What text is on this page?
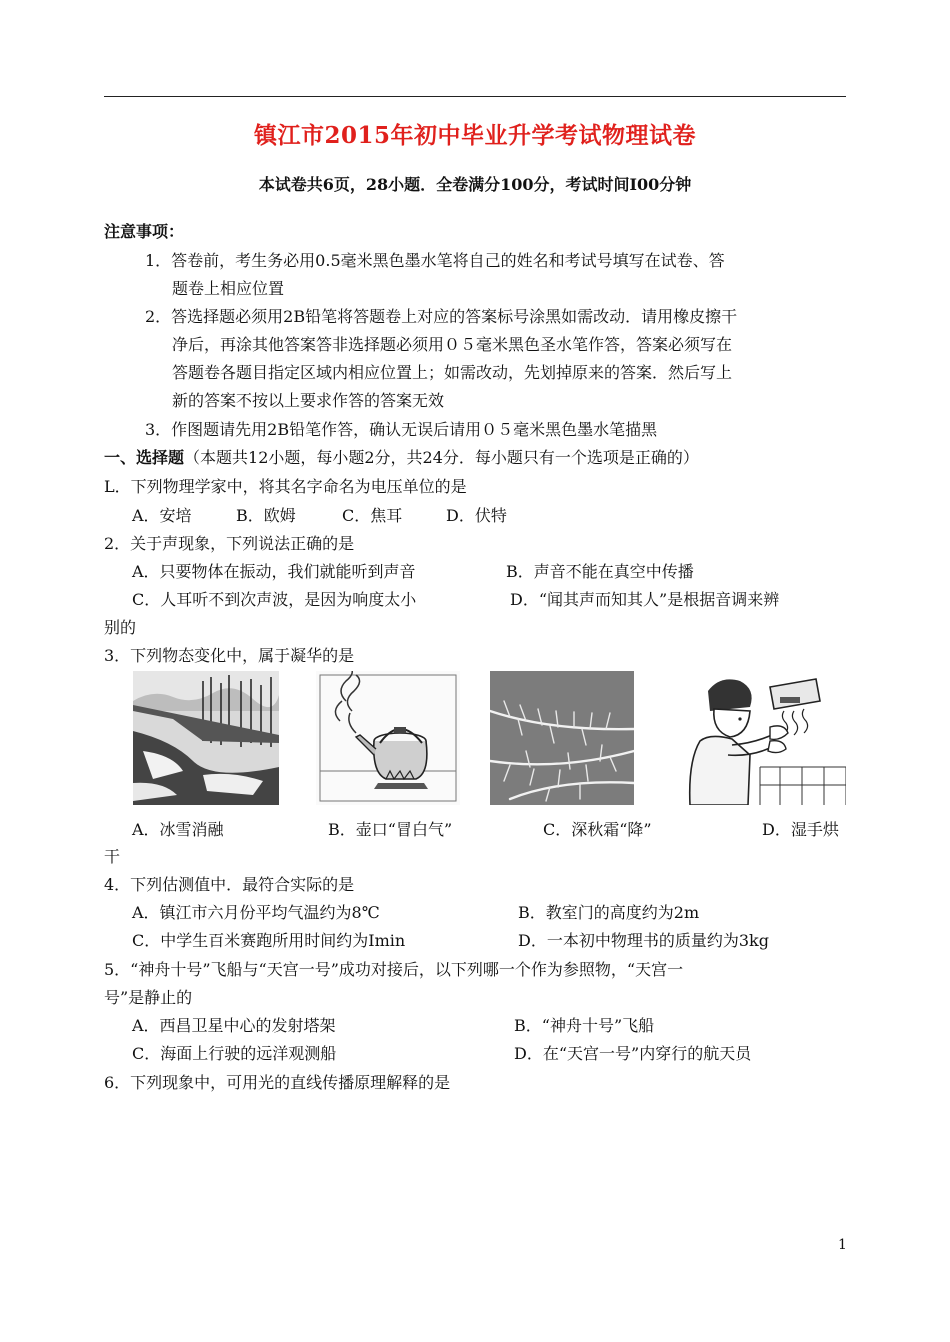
镇江市2015年初中毕业升学考试物理试卷
本试卷共6页，28小题．全卷满分100分，考试时间I00分钟
注意事项：
1．答卷前，考生务必用0.5毫米黑色墨水笔将自己的姓名和考试号填写在试卷、答
题卷上相应位置
2．答选择题必须用2B铅笔将答题卷上对应的答案标号涂黑如需改动．请用橡皮擦干
净后，再涂其他答案答非选择题必须用０５毫米黑色圣水笔作答，答案必须写在
答题卷各题目指定区域内相应位置上；如需改动，先划掉原来的答案．然后写上
新的答案不按以上要求作答的答案无效
3．作图题请先用2B铅笔作答，确认无误后请用０５毫米黑色墨水笔描黑
一、选择题（本题共12小题，每小题2分，共24分．每小题只有一个选项是正确的）
L．下列物理学家中，将其名字命名为电压单位的是
A．安培	B．欧姆	C．焦耳	D．伏特
2．关于声现象，下列说法正确的是
A．只要物体在振动，我们就能听到声音	B．声音不能在真空中传播
C．人耳听不到次声波，是因为响度太小	D．“闻其声而知其人”是根据音调来辨
别的
3．下列物态变化中，属于凝华的是
A．冰雪消融	B．壶口“冒白气”	C．深秋霜“降”	D．湿手烘
干
4．下列估测值中．最符合实际的是
A．镇江市六月份平均气温约为8℃	B．教室门的高度约为2m
C．中学生百米赛跑所用时间约为Imin	D．一本初中物理书的质量约为3kg
5．“神舟十号”飞船与“天宫一号”成功对接后，以下列哪一个作为参照物，“天宫一
号”是静止的
A．西昌卫星中心的发射塔架	B．“神舟十号”飞船
C．海面上行驶的远洋观测船	D．在“天宫一号”内穿行的航天员
6．下列现象中，可用光的直线传播原理解释的是
1
